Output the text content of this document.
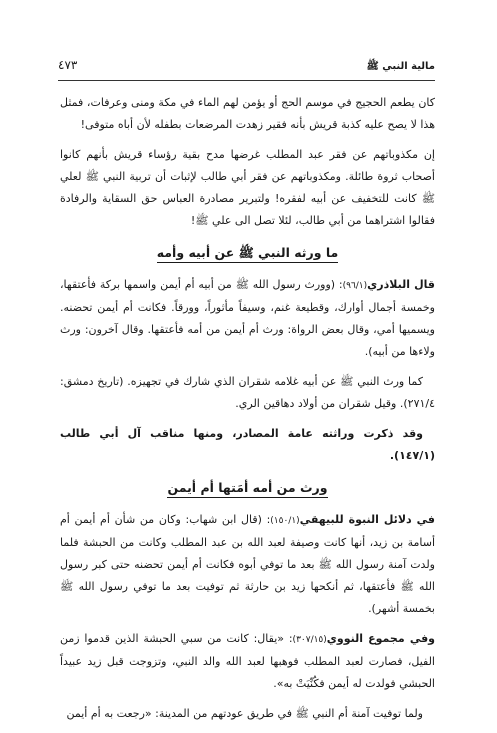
مالية النبي ﷺ
٤٧٣

كان يطعم الحجيج في موسم الحج أو يؤمن لهم الماء في مكة ومنى وعرفات، فمثل هذا لا يصح عليه كذبة قريش بأنه فقير زهدت المرضعات بطفله لأن أباه متوفى!

إن مكذوباتهم عن فقر عبد المطلب غرضها مدح بقية رؤساء قريش بأنهم كانوا أصحاب ثروة طائلة. ومكذوباتهم عن فقر أبي طالب لإثبات أن تربية النبي ﷺ لعلي ﷺ كانت للتخفيف عن أبيه لفقره! ولتبرير مصادرة العباس حق السقاية والرفادة فقالوا اشتراهما من أبي طالب، لئلا تصل الى علي ﷺ!

ما ورثه النبي ﷺ عن أبيه وأمه

قال البلاذري(٩٦/١): (وورث رسول الله ﷺ من أبيه أم أيمن واسمها بركة فأعتقها، وخمسة أجمال أوارك، وقطيعة غنم، وسيفاً مأثوراً، وورقاً. فكانت أم أيمن تحضنه. ويسميها أمي، وقال بعض الرواة: ورث أم أيمن من أمه فأعتقها. وقال آخرون: ورث ولاءها من أبيه).

كما ورث النبي ﷺ عن أبيه غلامه شقران الذي شارك في تجهيزه. (تاريخ دمشق: ٢٧١/٤). وقيل شقران من أولاد دهاقين الري.

وقد ذكرت وراثته عامة المصادر، ومنها مناقب آل أبي طالب (١٤٧/١).

ورث من أمه أمَتها أم أيمن

في دلائل النبوة للبيهقي(١٥٠/١): (قال ابن شهاب: وكان من شأن أم أيمن أم أسامة بن زيد، أنها كانت وصيفة لعبد الله بن عبد المطلب وكانت من الحبشة فلما ولدت آمنة رسول الله ﷺ بعد ما توفي أبوه فكانت أم أيمن تحضنه حتى كبر رسول الله ﷺ فأعتقها، ثم أنكحها زيد بن حارثة ثم توفيت بعد ما توفي رسول الله ﷺ بخمسة أشهر).

وفي مجموع النووي(٣٠٧/١٥): «يقال: كانت من سبي الحبشة الذين قدموا زمن الفيل، فصارت لعبد المطلب فوهبها لعبد الله والد النبي، وتزوجت قبل زيد عبيداً الحبشي فولدت له أيمن فكُنِّيَتْ به».

ولما توفيت آمنة أم النبي ﷺ في طريق عودتهم من المدينة: «رجعت به أم أيمن
